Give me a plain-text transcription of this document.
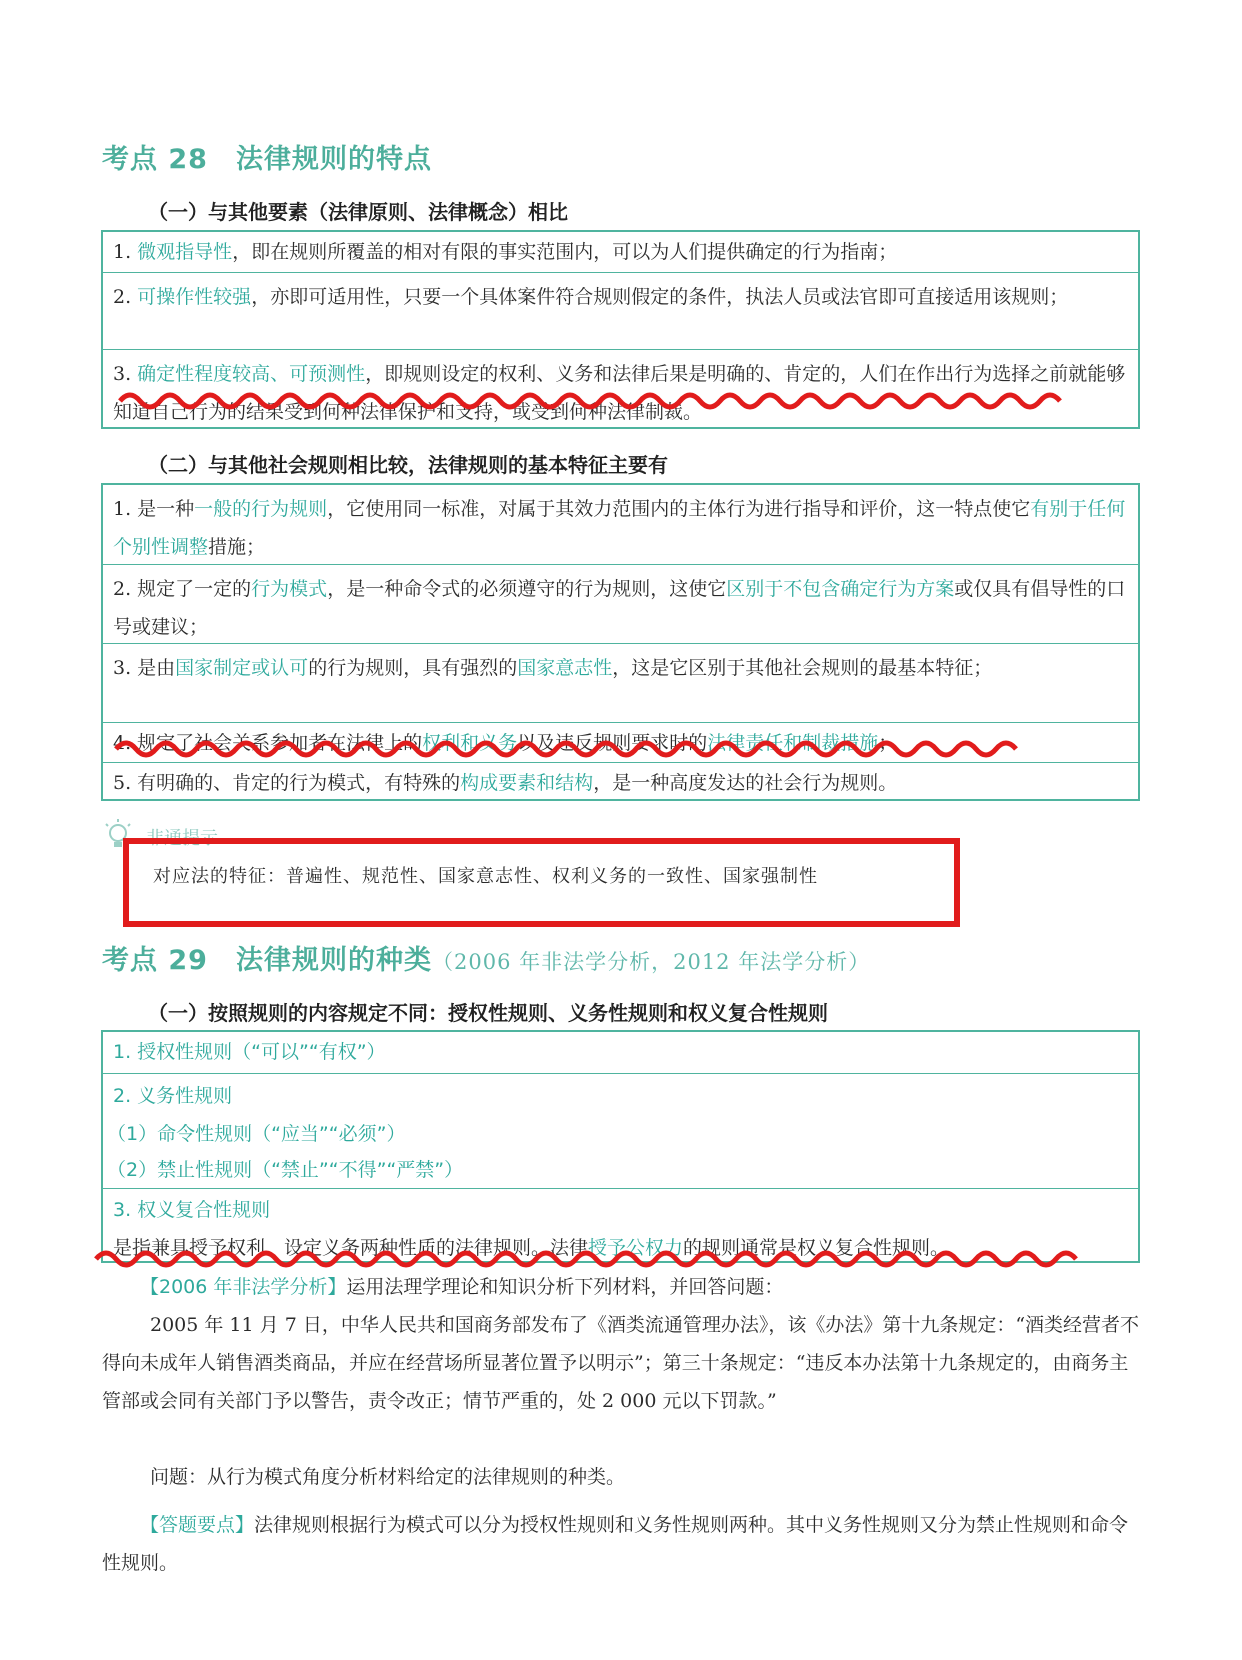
考点 28　法律规则的特点
（一）与其他要素（法律原则、法律概念）相比
1. 微观指导性，即在规则所覆盖的相对有限的事实范围内，可以为人们提供确定的行为指南；
2. 可操作性较强，亦即可适用性，只要一个具体案件符合规则假定的条件，执法人员或法官即可直接适用该规则；
3. 确定性程度较高、可预测性，即规则设定的权利、义务和法律后果是明确的、肯定的，人们在作出行为选择之前就能够知道自己行为的结果受到何种法律保护和支持，或受到何种法律制裁。
（二）与其他社会规则相比较，法律规则的基本特征主要有
1. 是一种一般的行为规则，它使用同一标准，对属于其效力范围内的主体行为进行指导和评价，这一特点使它有别于任何个别性调整措施；
2. 规定了一定的行为模式，是一种命令式的必须遵守的行为规则，这使它区别于不包含确定行为方案或仅具有倡导性的口号或建议；
3. 是由国家制定或认可的行为规则，具有强烈的国家意志性，这是它区别于其他社会规则的最基本特征；
4. 规定了社会关系参加者在法律上的权利和义务以及违反规则要求时的法律责任和制裁措施；
5. 有明确的、肯定的行为模式，有特殊的构成要素和结构，是一种高度发达的社会行为规则。
非通提示
对应法的特征：普遍性、规范性、国家意志性、权利义务的一致性、国家强制性
考点 29　法律规则的种类（2006 年非法学分析，2012 年法学分析）
（一）按照规则的内容规定不同：授权性规则、义务性规则和权义复合性规则
1. 授权性规则（“可以”“有权”）
2. 义务性规则
（1）命令性规则（“应当”“必须”）
（2）禁止性规则（“禁止”“不得”“严禁”）
3. 权义复合性规则
是指兼具授予权利、设定义务两种性质的法律规则。法律授予公权力的规则通常是权义复合性规则。
【2006 年非法学分析】运用法理学理论和知识分析下列材料，并回答问题：
2005 年 11 月 7 日，中华人民共和国商务部发布了《酒类流通管理办法》，该《办法》第十九条规定：“酒类经营者不得向未成年人销售酒类商品，并应在经营场所显著位置予以明示”；第三十条规定：“违反本办法第十九条规定的，由商务主管部或会同有关部门予以警告，责令改正；情节严重的，处 2 000 元以下罚款。”
问题：从行为模式角度分析材料给定的法律规则的种类。
【答题要点】法律规则根据行为模式可以分为授权性规则和义务性规则两种。其中义务性规则又分为禁止性规则和命令性规则。
